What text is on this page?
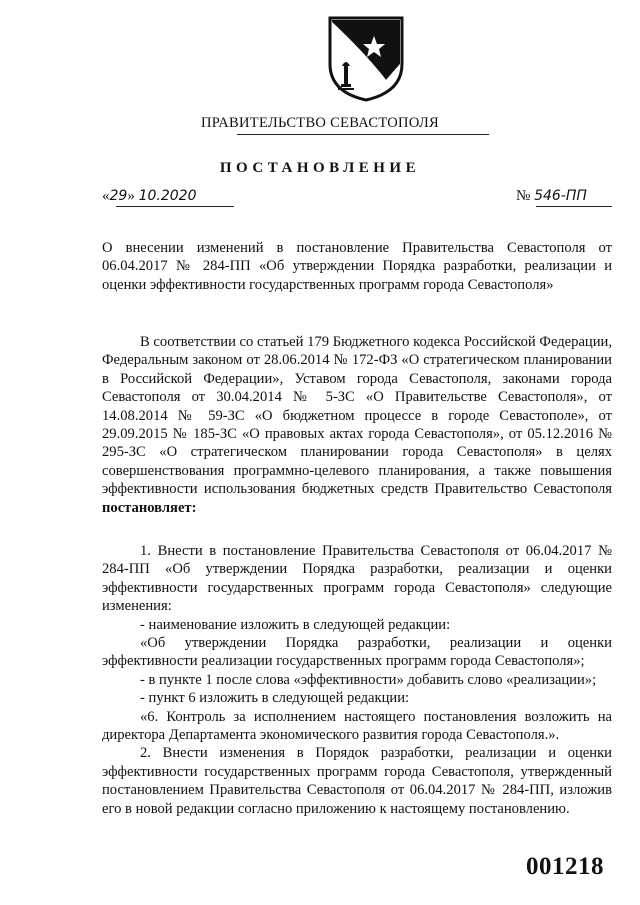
ПРАВИТЕЛЬСТВО СЕВАСТОПОЛЯ
ПОСТАНОВЛЕНИЕ
«29» 10.2020	№ 546-ПП

О внесении изменений в постановление Правительства Севастополя от 06.04.2017 № 284-ПП «Об утверждении Порядка разработки, реализации и оценки эффективности государственных программ города Севастополя»

В соответствии со статьей 179 Бюджетного кодекса Российской Федерации, Федеральным законом от 28.06.2014 № 172-ФЗ «О стратегическом планировании в Российской Федерации», Уставом города Севастополя, законами города Севастополя от 30.04.2014 № 5-ЗС «О Правительстве Севастополя», от 14.08.2014 № 59-ЗС «О бюджетном процессе в городе Севастополе», от 29.09.2015 № 185-ЗС «О правовых актах города Севастополя», от 05.12.2016 № 295-ЗС «О стратегическом планировании города Севастополя» в целях совершенствования программно-целевого планирования, а также повышения эффективности использования бюджетных средств Правительство Севастополя постановляет:

1. Внести в постановление Правительства Севастополя от 06.04.2017 № 284-ПП «Об утверждении Порядка разработки, реализации и оценки эффективности государственных программ города Севастополя» следующие изменения:

- наименование изложить в следующей редакции:

«Об утверждении Порядка разработки, реализации и оценки эффективности реализации государственных программ города Севастополя»;

- в пункте 1 после слова «эффективности» добавить слово «реализации»;

- пункт 6 изложить в следующей редакции:

«6. Контроль за исполнением настоящего постановления возложить на директора Департамента экономического развития города Севастополя.».

2. Внести изменения в Порядок разработки, реализации и оценки эффективности государственных программ города Севастополя, утвержденный постановлением Правительства Севастополя от 06.04.2017 № 284-ПП, изложив его в новой редакции согласно приложению к настоящему постановлению.

001218
